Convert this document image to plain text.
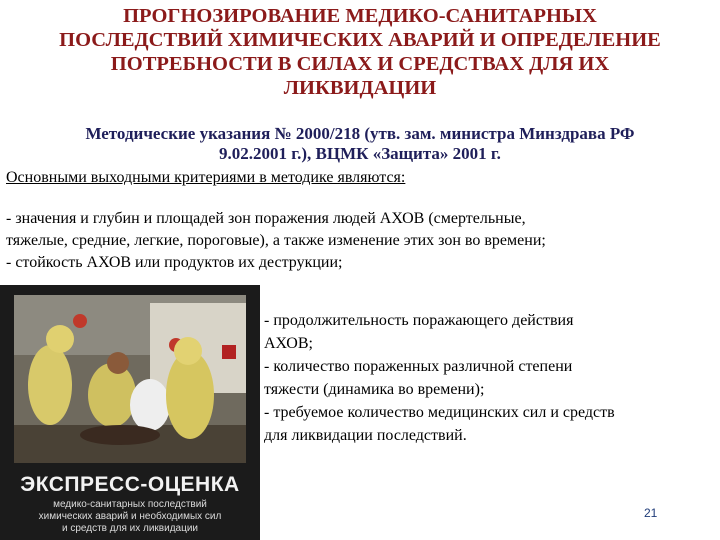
ПРОГНОЗИРОВАНИЕ МЕДИКО-САНИТАРНЫХ
ПОСЛЕДСТВИЙ ХИМИЧЕСКИХ АВАРИЙ И ОПРЕДЕЛЕНИЕ
ПОТРЕБНОСТИ В СИЛАХ И СРЕДСТВАХ ДЛЯ ИХ
ЛИКВИДАЦИИ
Методические указания № 2000/218 (утв. зам. министра Минздрава РФ
9.02.2001 г.), ВЦМК «Защита» 2001 г.
Основными выходными критериями в методике являются:
- значения и глубин и площадей зон поражения людей АХОВ (смертельные,
тяжелые, средние, легкие, пороговые), а также изменение этих зон во времени;
- стойкость АХОВ или продуктов их деструкции;
ЭКСПРЕСС-ОЦЕНКА
медико-санитарных последствий
химических аварий и необходимых сил
и средств для их ликвидации
- продолжительность поражающего действия
АХОВ;
- количество пораженных различной степени
тяжести (динамика во времени);
- требуемое количество медицинских сил и средств
для ликвидации последствий.
21
